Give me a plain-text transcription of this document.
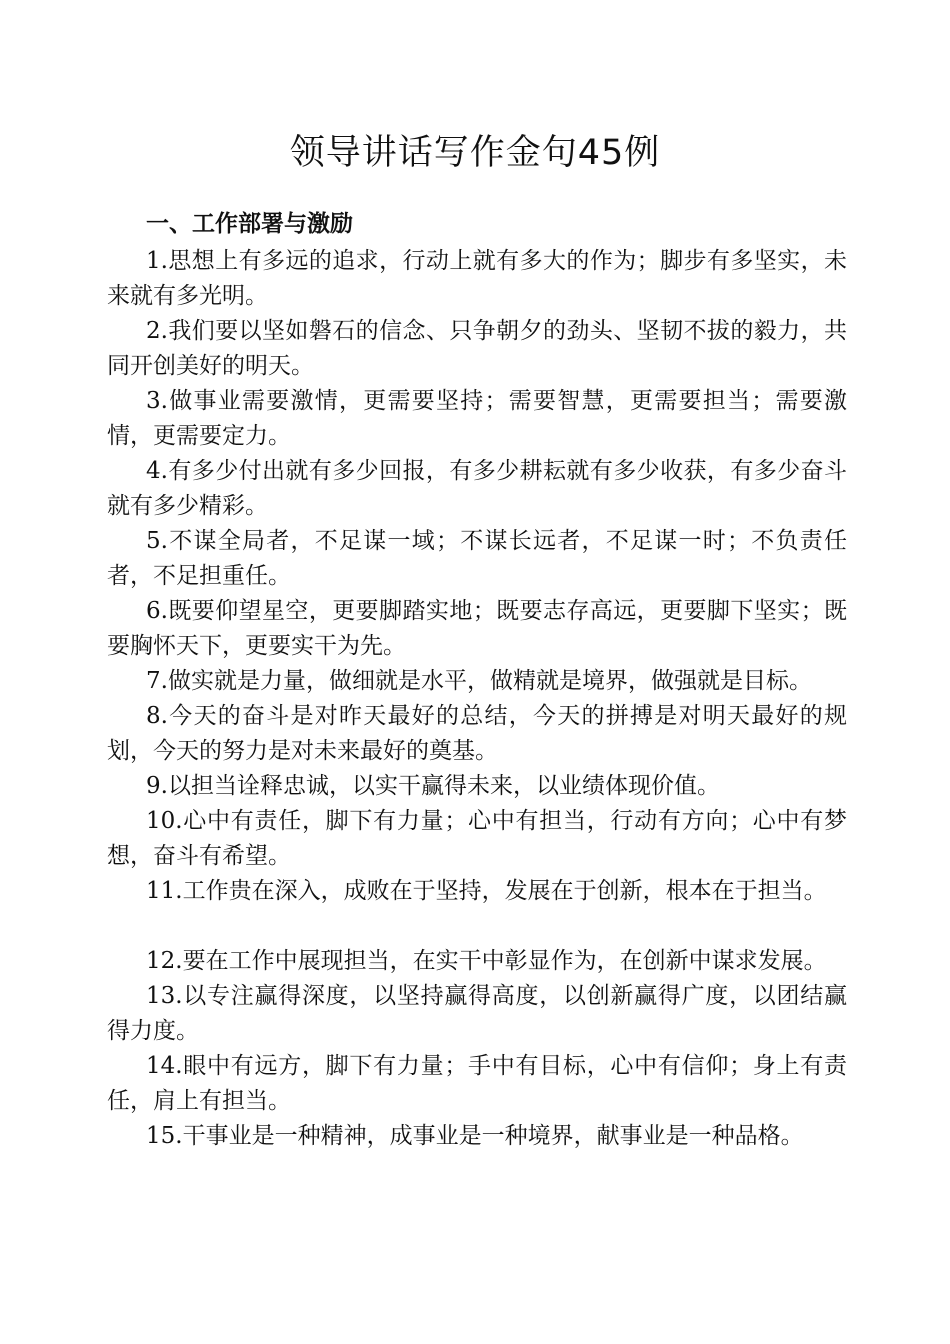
领导讲话写作金句45例
一、工作部署与激励
1.思想上有多远的追求，行动上就有多大的作为；脚步有多坚实，未来就有多光明。
2.我们要以坚如磐石的信念、只争朝夕的劲头、坚韧不拔的毅力，共同开创美好的明天。
3.做事业需要激情，更需要坚持；需要智慧，更需要担当；需要激情，更需要定力。
4.有多少付出就有多少回报，有多少耕耘就有多少收获，有多少奋斗就有多少精彩。
5.不谋全局者，不足谋一域；不谋长远者，不足谋一时；不负责任者，不足担重任。
6.既要仰望星空，更要脚踏实地；既要志存高远，更要脚下坚实；既要胸怀天下，更要实干为先。
7.做实就是力量，做细就是水平，做精就是境界，做强就是目标。
8.今天的奋斗是对昨天最好的总结，今天的拼搏是对明天最好的规划，今天的努力是对未来最好的奠基。
9.以担当诠释忠诚，以实干赢得未来，以业绩体现价值。
10.心中有责任，脚下有力量；心中有担当，行动有方向；心中有梦想，奋斗有希望。
11.工作贵在深入，成败在于坚持，发展在于创新，根本在于担当。
12.要在工作中展现担当，在实干中彰显作为，在创新中谋求发展。
13.以专注赢得深度，以坚持赢得高度，以创新赢得广度，以团结赢得力度。
14.眼中有远方，脚下有力量；手中有目标，心中有信仰；身上有责任，肩上有担当。
15.干事业是一种精神，成事业是一种境界，献事业是一种品格。
